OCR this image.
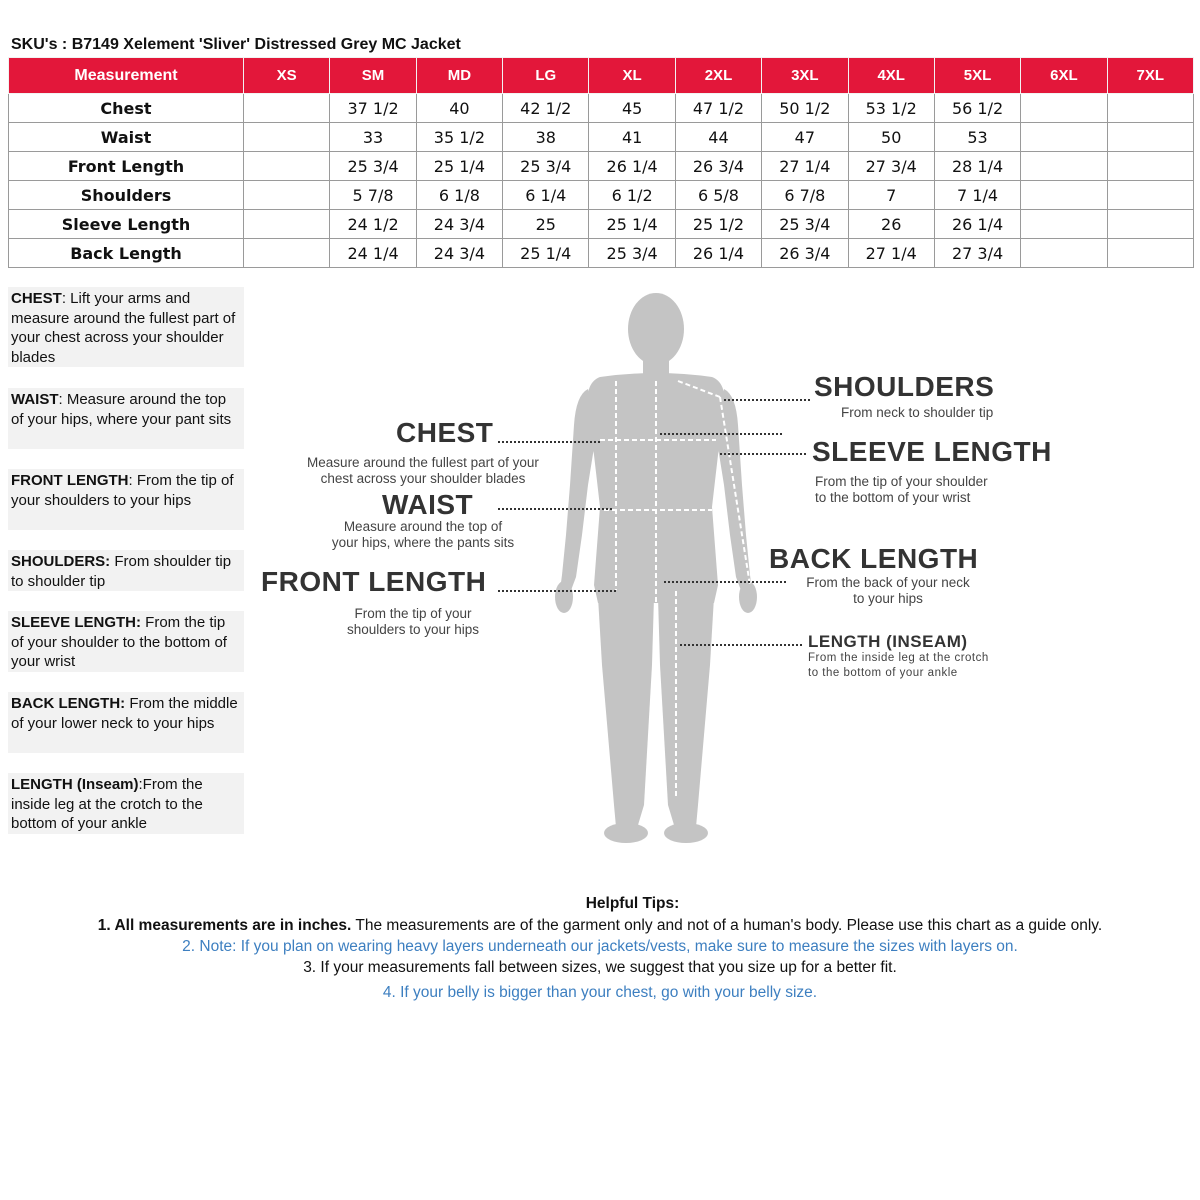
SKU's : B7149 Xelement 'Sliver' Distressed Grey MC Jacket
Measurement	XS	SM	MD	LG	XL	2XL	3XL	4XL	5XL	6XL	7XL
Chest		37 1/2	40	42 1/2	45	47 1/2	50 1/2	53 1/2	56 1/2		
Waist		33	35 1/2	38	41	44	47	50	53		
Front Length		25 3/4	25 1/4	25 3/4	26 1/4	26 3/4	27 1/4	27 3/4	28 1/4		
Shoulders		5 7/8	6 1/8	6 1/4	6 1/2	6 5/8	6 7/8	7	7 1/4		
Sleeve Length		24 1/2	24 3/4	25	25 1/4	25 1/2	25 3/4	26	26 1/4		
Back Length		24 1/4	24 3/4	25 1/4	25 3/4	26 1/4	26 3/4	27 1/4	27 3/4		
CHEST: Lift your arms and measure around the fullest part of your chest across your shoulder blades
WAIST: Measure around the top of your hips, where your pant sits
FRONT LENGTH: From the tip of your shoulders to your hips
SHOULDERS: From shoulder tip to shoulder tip
SLEEVE LENGTH: From the tip of your shoulder to the bottom of your wrist
BACK LENGTH: From the middle of your lower neck to your hips
LENGTH (Inseam):From the inside leg at the crotch to the bottom of your ankle
CHEST
Measure around the fullest part of your
chest across your shoulder blades
WAIST
Measure around the top of
your hips, where the pants sits
FRONT LENGTH
From the tip of your
shoulders to your hips
SHOULDERS
From neck to shoulder tip
SLEEVE LENGTH
From the tip of your shoulder
to the bottom of your wrist
BACK LENGTH
From the back of your neck
to your hips
LENGTH (INSEAM)
From the inside leg at the crotch
to the bottom of your ankle
Helpful Tips:
1. All measurements are in inches. The measurements are of the garment only and not of a human's body. Please use this chart as a guide only.
2. Note: If you plan on wearing heavy layers underneath our jackets/vests, make sure to measure the sizes with layers on.
3. If your measurements fall between sizes, we suggest that you size up for a better fit.
4. If your belly is bigger than your chest, go with your belly size.
